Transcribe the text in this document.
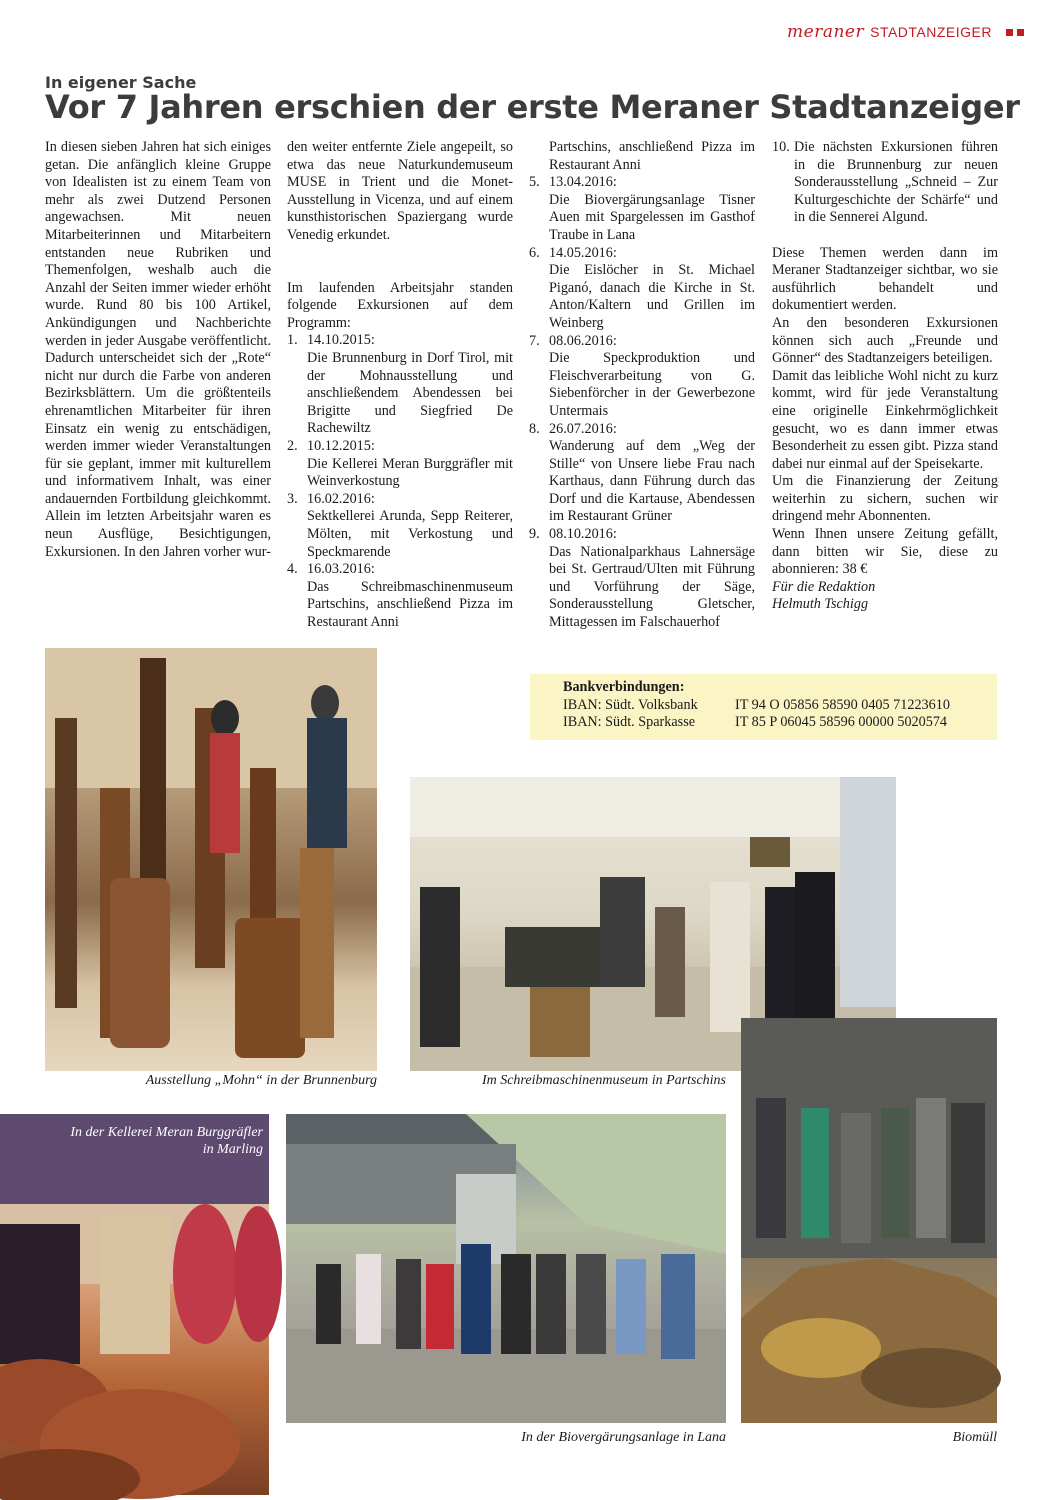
meraner STADTANZEIGER
In eigener Sache
Vor 7 Jahren erschien der erste Meraner Stadtanzeiger

In diesen sieben Jahren hat sich einiges getan. Die anfänglich kleine Gruppe von Idealisten ist zu einem Team von mehr als zwei Dutzend Personen angewachsen. Mit neuen Mitarbeiterinnen und Mitarbeitern entstanden neue Rubriken und Themenfolgen, weshalb auch die Anzahl der Seiten immer wieder erhöht wurde. Rund 80 bis 100 Artikel, Ankündigungen und Nachberichte werden in jeder Ausgabe veröffentlicht. Dadurch unterscheidet sich der „Rote“ nicht nur durch die Farbe von anderen Bezirksblättern. Um die größtenteils ehrenamtlichen Mitarbeiter für ihren Einsatz ein wenig zu entschädigen, werden immer wieder Veranstaltungen für sie geplant, immer mit kulturellem und informativem Inhalt, was einer andauernden Fortbildung gleichkommt. Allein im letzten Arbeitsjahr waren es neun Ausflüge, Besichtigungen, Exkursionen. In den Jahren vorher wur-

den weiter entfernte Ziele angepeilt, so etwa das neue Naturkundemuseum MUSE in Trient und die Monet-Ausstellung in Vicenza, und auf einem kunsthistorischen Spaziergang wurde Venedig erkundet.

Im laufenden Arbeitsjahr standen folgende Exkursionen auf dem Programm:

1. 14.10.2015:
Die Brunnenburg in Dorf Tirol, mit der Mohnausstellung und anschließendem Abendessen bei Brigitte und Siegfried De Rachewiltz
2. 10.12.2015:
Die Kellerei Meran Burggräfler mit Weinverkostung
3. 16.02.2016:
Sektkellerei Arunda, Sepp Reiterer, Mölten, mit Verkostung und Speckmarende
4. 16.03.2016:
Das Schreibmaschinenmuseum Partschins, anschließend Pizza im Restaurant Anni
Partschins, anschließend Pizza im Restaurant Anni
5. 13.04.2016:
Die Biovergärungsanlage Tisner Auen mit Spargelessen im Gasthof Traube in Lana
6. 14.05.2016:
Die Eislöcher in St. Michael Piganó, danach die Kirche in St. Anton/Kaltern und Grillen im Weinberg
7. 08.06.2016:
Die Speckproduktion und Fleischverarbeitung von G. Siebenförcher in der Gewerbezone Untermais
8. 26.07.2016:
Wanderung auf dem „Weg der Stille“ von Unsere liebe Frau nach Karthaus, dann Führung durch das Dorf und die Kartause, Abendessen im Restaurant Grüner
9. 08.10.2016:
Das Nationalparkhaus Lahnersäge bei St. Gertraud/Ulten mit Führung und Vorführung der Säge, Sonderausstellung Gletscher, Mittagessen im Falschauerhof
10. Die nächsten Exkursionen führen in die Brunnenburg zur neuen Sonderausstellung „Schneid – Zur Kulturgeschichte der Schärfe“ und in die Sennerei Algund.

Diese Themen werden dann im Meraner Stadtanzeiger sichtbar, wo sie ausführlich behandelt und dokumentiert werden.

An den besonderen Exkursionen können sich auch „Freunde und Gönner“ des Stadtanzeigers beteiligen.

Damit das leibliche Wohl nicht zu kurz kommt, wird für jede Veranstaltung eine originelle Einkehrmöglichkeit gesucht, wo es dann immer etwas Besonderheit zu essen gibt. Pizza stand dabei nur einmal auf der Speisekarte.

Um die Finanzierung der Zeitung weiterhin zu sichern, suchen wir dringend mehr Abonnenten.

Wenn Ihnen unsere Zeitung gefällt, dann bitten wir Sie, diese zu abonnieren: 38 €

Für die Redaktion

Helmuth Tschigg

Bankverbindungen:
IBAN: Südt. Volksbank	IT 94 O 05856 58590 0405 71223610
IBAN: Südt. Sparkasse	IT 85 P 06045 58596 00000 5020574
Ausstellung „Mohn“ in der Brunnenburg	Im Schreibmaschinenmuseum in Partschins
In der Kellerei Meran Burggräfler
in Marling
In der Biovergärungsanlage in Lana	Biomüll
